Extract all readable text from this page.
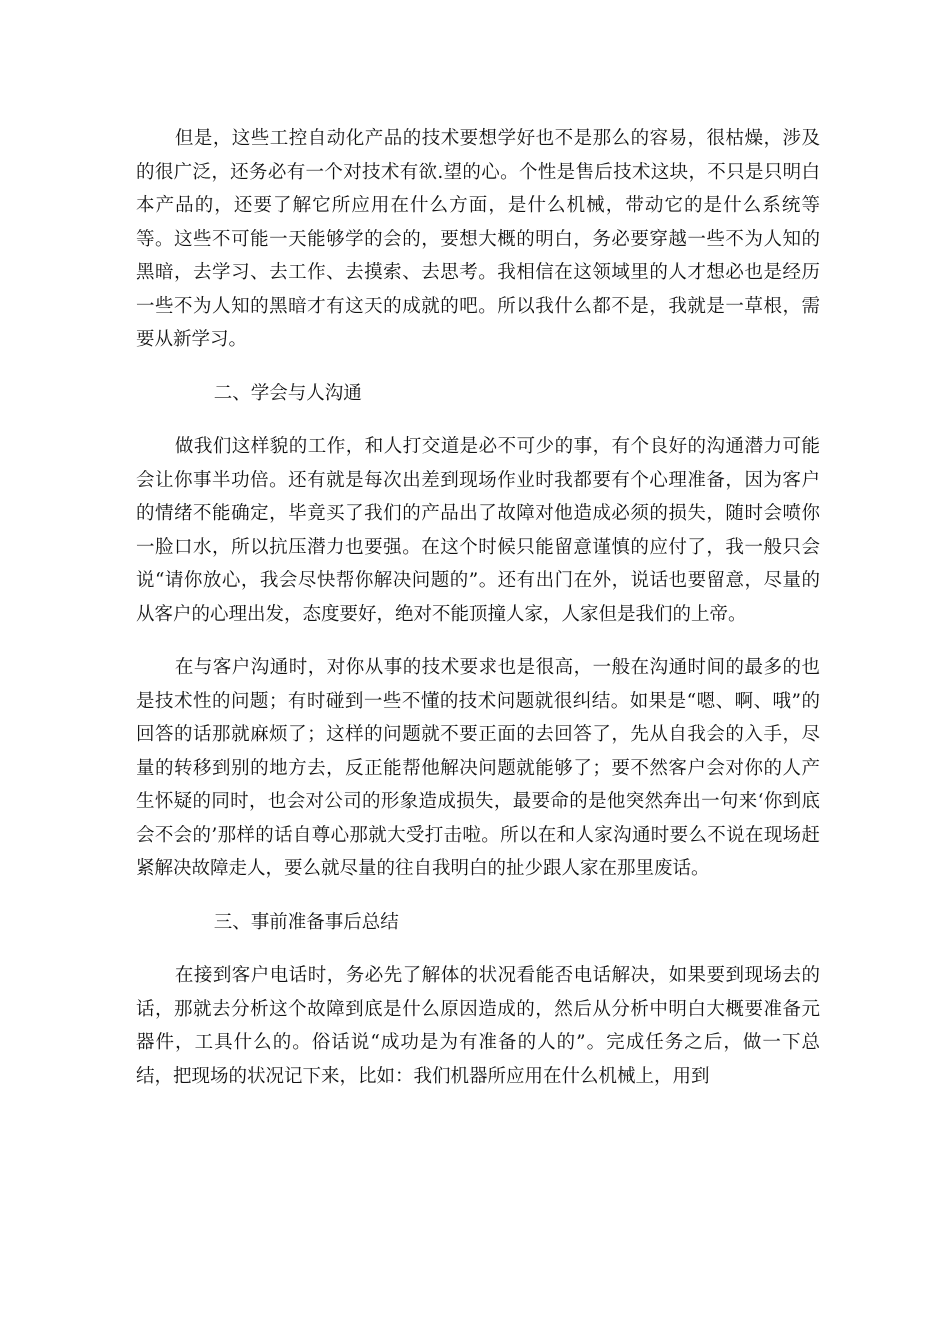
但是，这些工控自动化产品的技术要想学好也不是那么的容易，很枯燥，涉及的很广泛，还务必有一个对技术有欲.望的心。个性是售后技术这块，不只是只明白本产品的，还要了解它所应用在什么方面，是什么机械，带动它的是什么系统等等。这些不可能一天能够学的会的，要想大概的明白，务必要穿越一些不为人知的黑暗，去学习、去工作、去摸索、去思考。我相信在这领域里的人才想必也是经历一些不为人知的黑暗才有这天的成就的吧。所以我什么都不是，我就是一草根，需要从新学习。

二、学会与人沟通

做我们这样貌的工作，和人打交道是必不可少的事，有个良好的沟通潜力可能会让你事半功倍。还有就是每次出差到现场作业时我都要有个心理准备，因为客户的情绪不能确定，毕竟买了我们的产品出了故障对他造成必须的损失，随时会喷你一脸口水，所以抗压潜力也要强。在这个时候只能留意谨慎的应付了，我一般只会说“请你放心，我会尽快帮你解决问题的”。还有出门在外，说话也要留意，尽量的从客户的心理出发，态度要好，绝对不能顶撞人家，人家但是我们的上帝。

在与客户沟通时，对你从事的技术要求也是很高，一般在沟通时间的最多的也是技术性的问题；有时碰到一些不懂的技术问题就很纠结。如果是“嗯、啊、哦”的回答的话那就麻烦了；这样的问题就不要正面的去回答了，先从自我会的入手，尽量的转移到别的地方去，反正能帮他解决问题就能够了；要不然客户会对你的人产生怀疑的同时，也会对公司的形象造成损失，最要命的是他突然奔出一句来‘你到底会不会的’那样的话自尊心那就大受打击啦。所以在和人家沟通时要么不说在现场赶紧解决故障走人，要么就尽量的往自我明白的扯少跟人家在那里废话。

三、事前准备事后总结

在接到客户电话时，务必先了解体的状况看能否电话解决，如果要到现场去的话，那就去分析这个故障到底是什么原因造成的，然后从分析中明白大概要准备元器件，工具什么的。俗话说“成功是为有准备的人的”。完成任务之后，做一下总结，把现场的状况记下来，比如：我们机器所应用在什么机械上，用到
